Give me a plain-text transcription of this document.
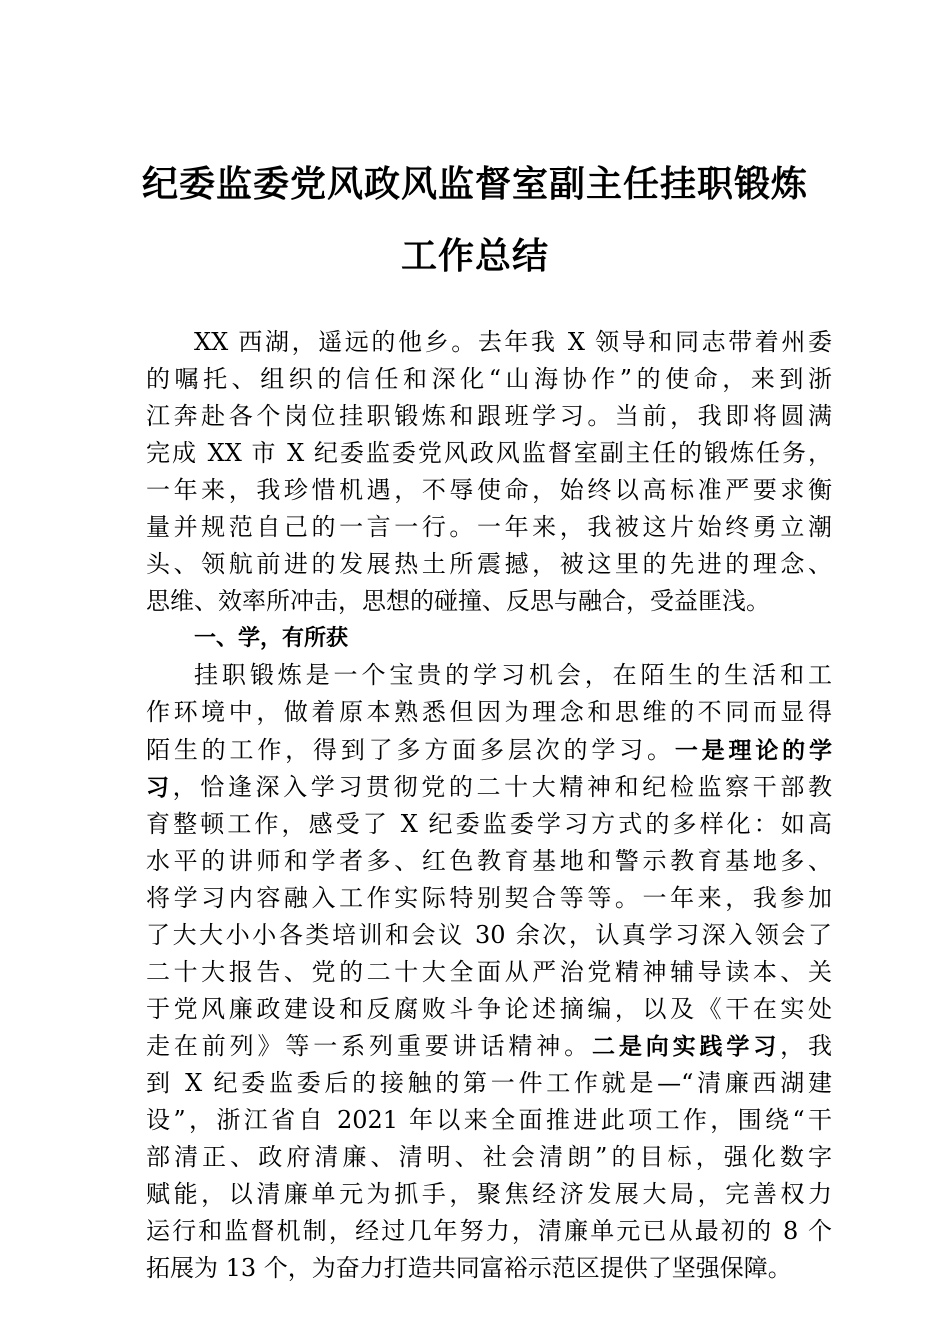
纪委监委党风政风监督室副主任挂职锻炼
工作总结
XX 西湖，遥远的他乡。去年我 X 领导和同志带着州委
的嘱托、组织的信任和深化“山海协作”的使命，来到浙
江奔赴各个岗位挂职锻炼和跟班学习。当前，我即将圆满
完成 XX 市 X 纪委监委党风政风监督室副主任的锻炼任务，
一年来，我珍惜机遇，不辱使命，始终以高标准严要求衡
量并规范自己的一言一行。一年来，我被这片始终勇立潮
头、领航前进的发展热土所震撼，被这里的先进的理念、
思维、效率所冲击，思想的碰撞、反思与融合，受益匪浅。
一、学，有所获
挂职锻炼是一个宝贵的学习机会，在陌生的生活和工
作环境中，做着原本熟悉但因为理念和思维的不同而显得
陌生的工作，得到了多方面多层次的学习。一是理论的学
习，恰逢深入学习贯彻党的二十大精神和纪检监察干部教
育整顿工作，感受了 X 纪委监委学习方式的多样化：如高
水平的讲师和学者多、红色教育基地和警示教育基地多、
将学习内容融入工作实际特别契合等等。一年来，我参加
了大大小小各类培训和会议 30 余次，认真学习深入领会了
二十大报告、党的二十大全面从严治党精神辅导读本、关
于党风廉政建设和反腐败斗争论述摘编，以及《干在实处
走在前列》等一系列重要讲话精神。二是向实践学习，我
到 X 纪委监委后的接触的第一件工作就是—“清廉西湖建
设”，浙江省自 2021 年以来全面推进此项工作，围绕“干
部清正、政府清廉、清明、社会清朗”的目标，强化数字
赋能，以清廉单元为抓手，聚焦经济发展大局，完善权力
运行和监督机制，经过几年努力，清廉单元已从最初的 8 个
拓展为 13 个，为奋力打造共同富裕示范区提供了坚强保障。
